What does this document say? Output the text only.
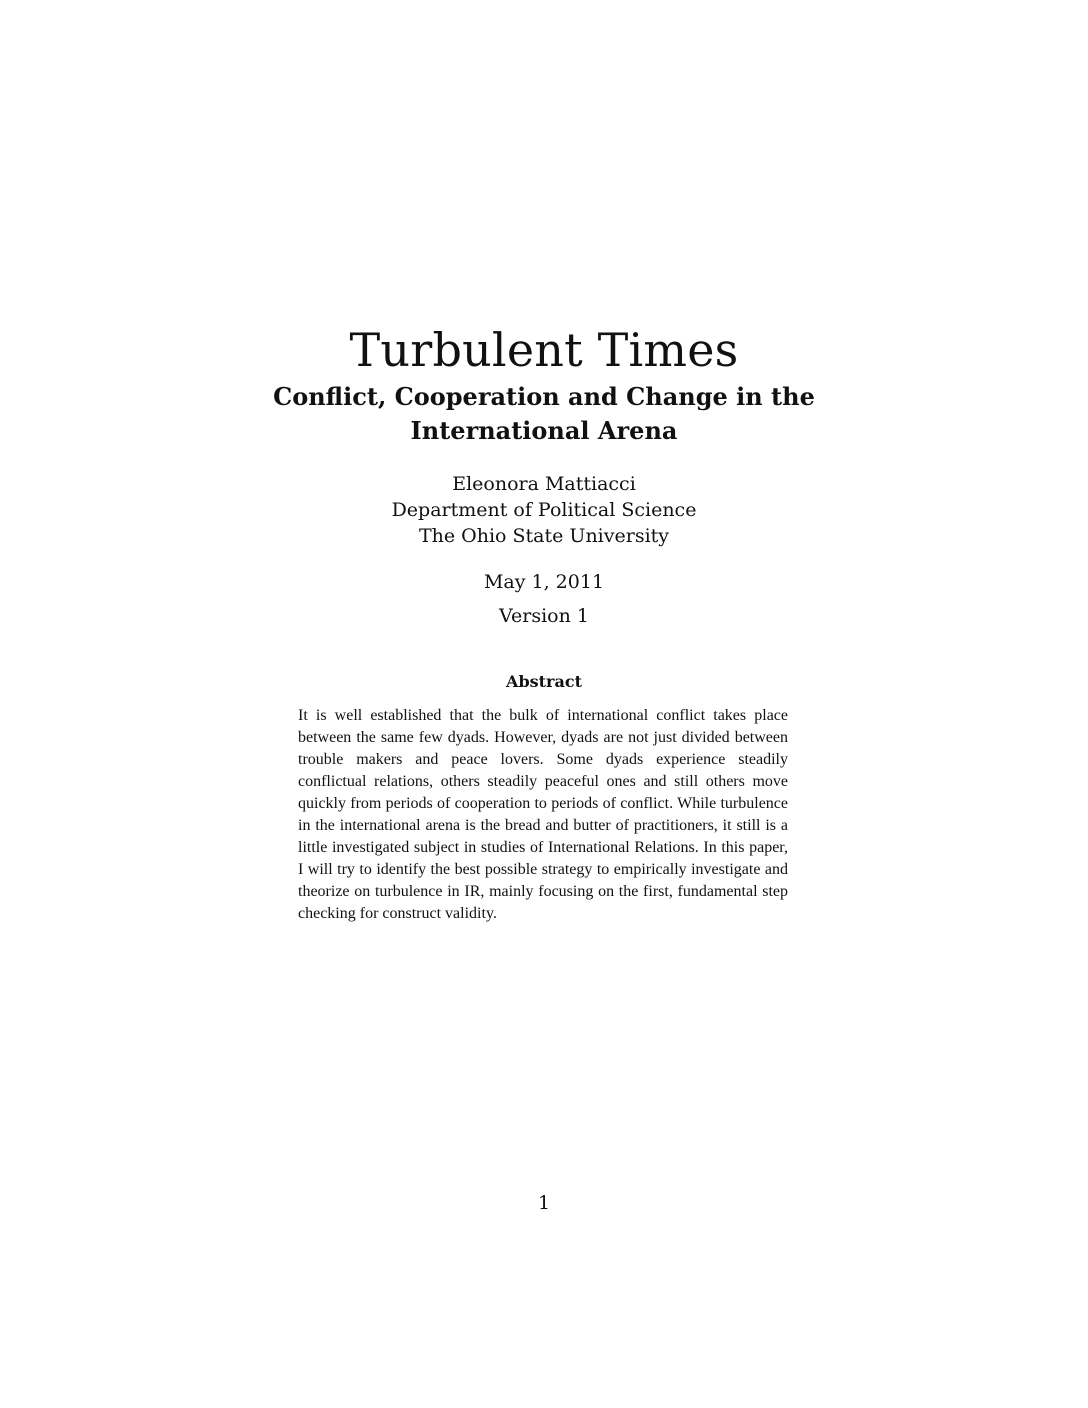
Turbulent Times
Conflict, Cooperation and Change in the
International Arena
Eleonora Mattiacci
Department of Political Science
The Ohio State University
May 1, 2011
Version 1
Abstract
It is well established that the bulk of international conflict takes place between the same few dyads. However, dyads are not just divided between trouble makers and peace lovers. Some dyads experience steadily conflictual relations, others steadily peaceful ones and still others move quickly from periods of cooperation to periods of conflict. While turbulence in the international arena is the bread and butter of practitioners, it still is a little investigated subject in studies of International Relations. In this paper, I will try to identify the best possible strategy to empirically investigate and theorize on turbulence in IR, mainly focusing on the first, fundamental step checking for construct validity.
1
